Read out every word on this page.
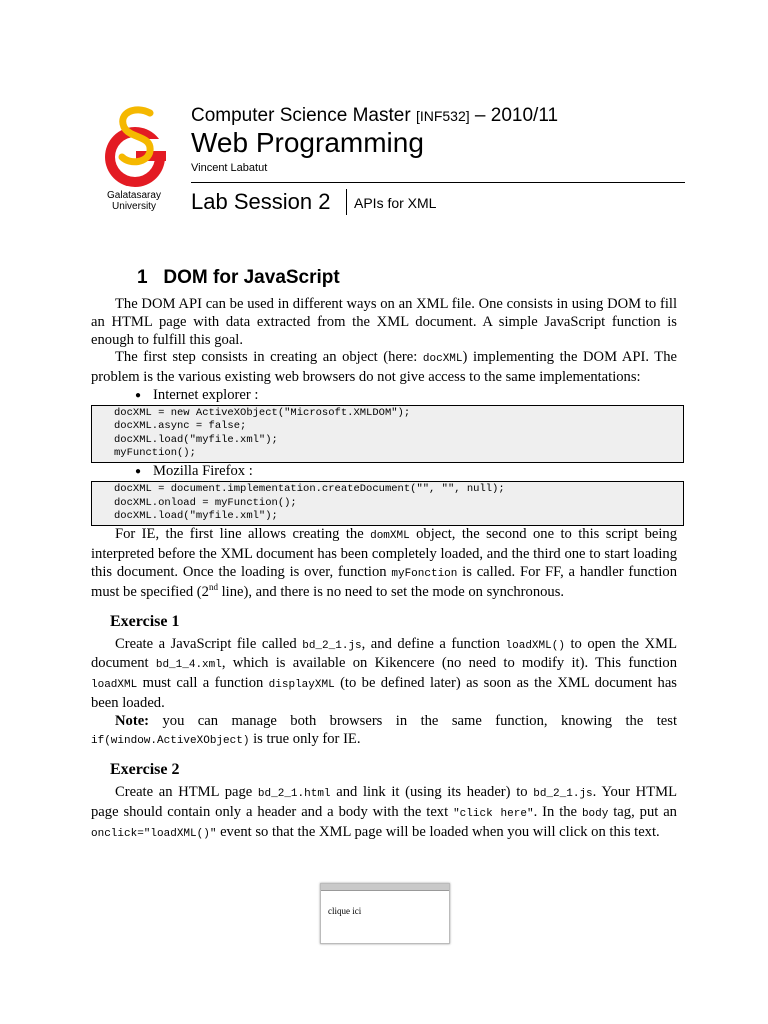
Galatasaray
University
Computer Science Master [INF532] – 2010/11
Web Programming
Vincent Labatut
Lab Session 2 APIs for XML
1   DOM for JavaScript

The DOM API can be used in different ways on an XML file. One consists in using DOM to fill an HTML page with data extracted from the XML document. A simple JavaScript function is enough to fulfill this goal.

The first step consists in creating an object (here: docXML) implementing the DOM API. The problem is the various existing web browsers do not give access to the same implementations:

● Internet explorer :
docXML = new ActiveXObject("Microsoft.XMLDOM");
docXML.async = false;
docXML.load("myfile.xml");
myFunction();
● Mozilla Firefox :
docXML = document.implementation.createDocument("", "", null);
docXML.onload = myFunction();
docXML.load("myfile.xml");

For IE, the first line allows creating the domXML object, the second one to this script being interpreted before the XML document has been completely loaded, and the third one to start loading this document. Once the loading is over, function myFonction is called. For FF, a handler function must be specified (2nd line), and there is no need to set the mode on synchronous.

Exercise 1

Create a JavaScript file called bd_2_1.js, and define a function loadXML() to open the XML document bd_1_4.xml, which is available on Kikencere (no need to modify it). This function loadXML must call a function displayXML (to be defined later) as soon as the XML document has been loaded.

Note: you can manage both browsers in the same function, knowing the test if(window.ActiveXObject) is true only for IE.

Exercise 2

Create an HTML page bd_2_1.html and link it (using its header) to bd_2_1.js. Your HTML page should contain only a header and a body with the text "click here". In the body tag, put an onclick="loadXML()" event so that the XML page will be loaded when you will click on this text.

clique ici
